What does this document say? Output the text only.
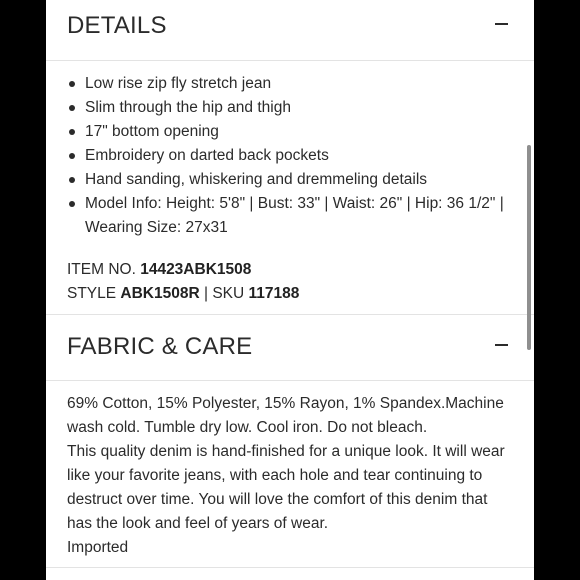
DETAILS
Low rise zip fly stretch jean
Slim through the hip and thigh
17" bottom opening
Embroidery on darted back pockets
Hand sanding, whiskering and dremmeling details
Model Info: Height: 5'8" | Bust: 33" | Waist: 26" | Hip: 36 1/2" | Wearing Size: 27x31
ITEM NO. 14423ABK1508
STYLE ABK1508R | SKU 117188
FABRIC & CARE

69% Cotton, 15% Polyester, 15% Rayon, 1% Spandex.Machine wash cold. Tumble dry low. Cool iron. Do not bleach.

This quality denim is hand-finished for a unique look. It will wear like your favorite jeans, with each hole and tear continuing to destruct over time. You will love the comfort of this denim that has the look and feel of years of wear.

Imported
